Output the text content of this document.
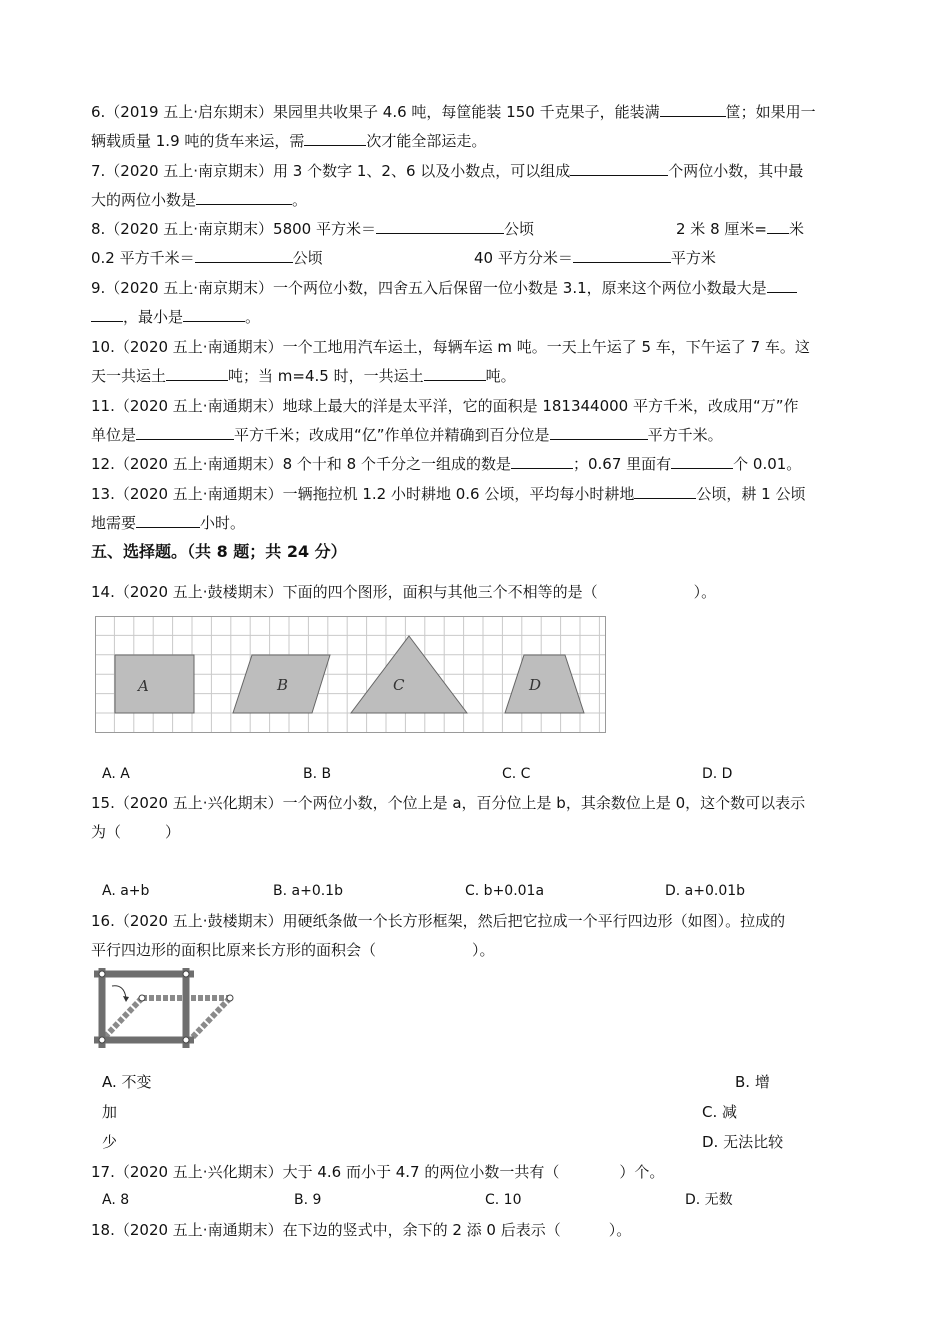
6.（2019 五上·启东期末）果园里共收果子 4.6 吨，每筐能装 150 千克果子，能装满	筐；如果用一
辆载质量 1.9 吨的货车来运，需	次才能全部运走。
7.（2020 五上·南京期末）用 3 个数字 1、2、6 以及小数点，可以组成	个两位小数，其中最
大的两位小数是	。
8.（2020 五上·南京期末）5800 平方米＝	公顷	2 米 8 厘米= 米
0.2 平方千米＝	公顷	40 平方分米＝	平方米
9.（2020 五上·南京期末）一个两位小数，四舍五入后保留一位小数是 3.1，原来这个两位小数最大是
，最小是	。
10.（2020 五上·南通期末）一个工地用汽车运土，每辆车运 m 吨。一天上午运了 5 车，下午运了 7 车。这
天一共运土	吨；当 m=4.5 时，一共运土	吨。
11.（2020 五上·南通期末）地球上最大的洋是太平洋，它的面积是 181344000 平方千米，改成用“万”作
单位是	平方千米；改成用“亿”作单位并精确到百分位是	平方千米。
12.（2020 五上·南通期末）8 个十和 8 个千分之一组成的数是	；0.67 里面有	个 0.01。
13.（2020 五上·南通期末）一辆拖拉机 1.2 小时耕地 0.6 公顷，平均每小时耕地	公顷，耕 1 公顷
地需要	小时。
五、选择题。（共 8 题；共 24 分）
14.（2020 五上·鼓楼期末）下面的四个图形，面积与其他三个不相等的是（	）。
A	B	C	D
A. A	B. B	C. C	D. D
15.（2020 五上·兴化期末）一个两位小数，个位上是 a，百分位上是 b，其余数位上是 0，这个数可以表示
为（	）
A. a+b	B. a+0.1b	C. b+0.01a	D. a+0.01b
16.（2020 五上·鼓楼期末）用硬纸条做一个长方形框架，然后把它拉成一个平行四边形（如图）。拉成的
平行四边形的面积比原来长方形的面积会（	）。
A. 不变	B. 增
加	C. 减
少	D. 无法比较
17.（2020 五上·兴化期末）大于 4.6 而小于 4.7 的两位小数一共有（	）个。
A. 8	B. 9	C. 10	D. 无数
18.（2020 五上·南通期末）在下边的竖式中，余下的 2 添 0 后表示（	）。
